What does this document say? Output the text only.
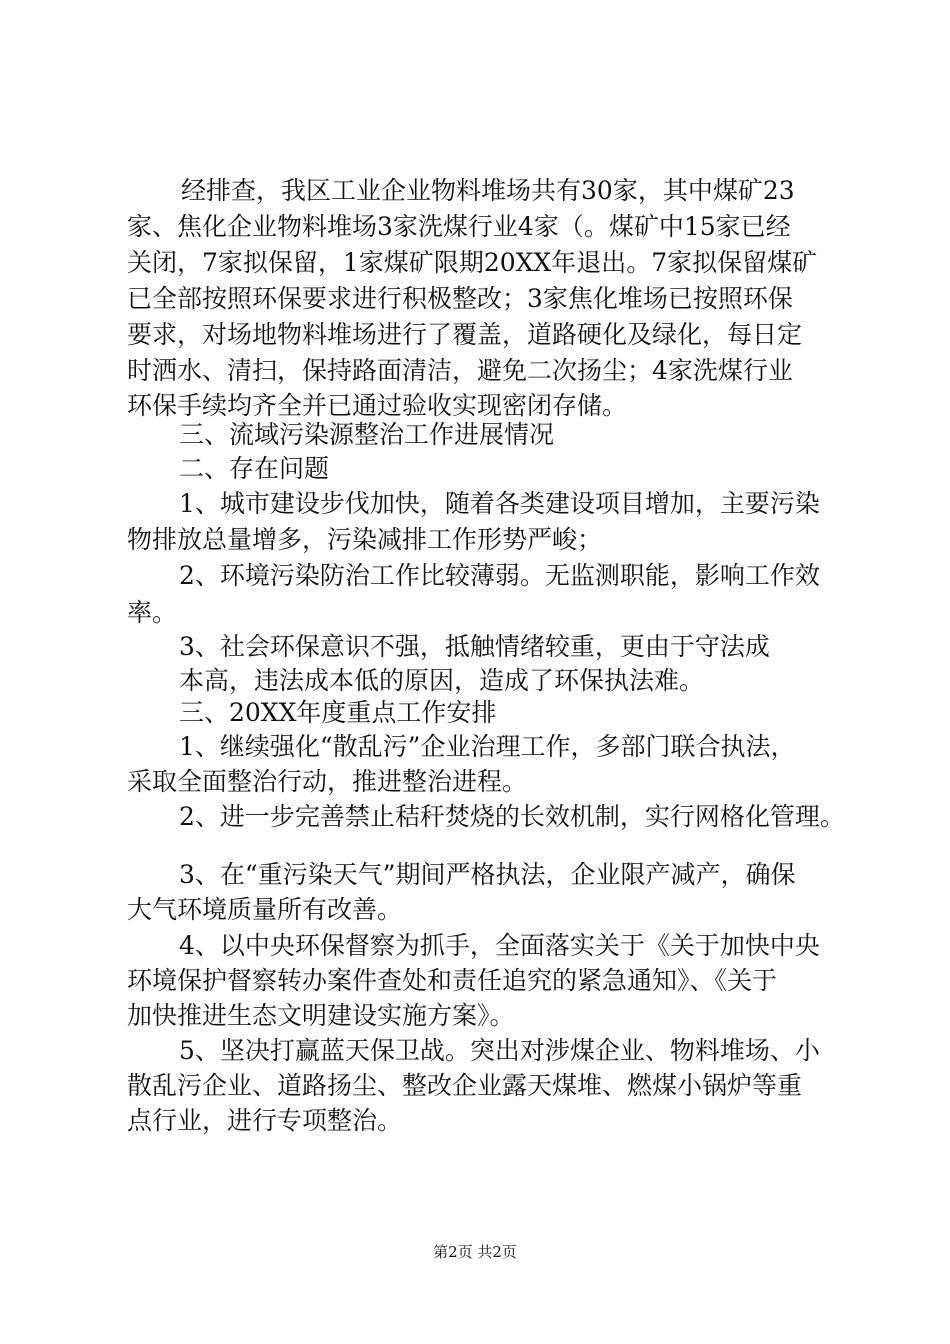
经排查，我区工业企业物料堆场共有30家，其中煤矿23
家、焦化企业物料堆场3家洗煤行业4家（。煤矿中15家已经
关闭，7家拟保留，1家煤矿限期20XX年退出。7家拟保留煤矿
已全部按照环保要求进行积极整改；3家焦化堆场已按照环保
要求，对场地物料堆场进行了覆盖，道路硬化及绿化，每日定
时洒水、清扫，保持路面清洁，避免二次扬尘；4家洗煤行业
环保手续均齐全并已通过验收实现密闭存储。
三、流域污染源整治工作进展情况
二、存在问题
1、城市建设步伐加快，随着各类建设项目增加，主要污染
物排放总量增多，污染减排工作形势严峻；
2、环境污染防治工作比较薄弱。无监测职能，影响工作效
率。
3、社会环保意识不强，抵触情绪较重，更由于守法成
本高，违法成本低的原因，造成了环保执法难。
三、20XX年度重点工作安排
1、继续强化“散乱污”企业治理工作，多部门联合执法，
采取全面整治行动，推进整治进程。
2、进一步完善禁止秸秆焚烧的长效机制，实行网格化管理。
3、在“重污染天气”期间严格执法，企业限产减产，确保
大气环境质量所有改善。
4、以中央环保督察为抓手，全面落实关于《关于加快中央
环境保护督察转办案件查处和责任追究的紧急通知》、《关于
加快推进生态文明建设实施方案》。
5、坚决打赢蓝天保卫战。突出对涉煤企业、物料堆场、小
散乱污企业、道路扬尘、整改企业露天煤堆、燃煤小锅炉等重
点行业，进行专项整治。
第2页 共2页
